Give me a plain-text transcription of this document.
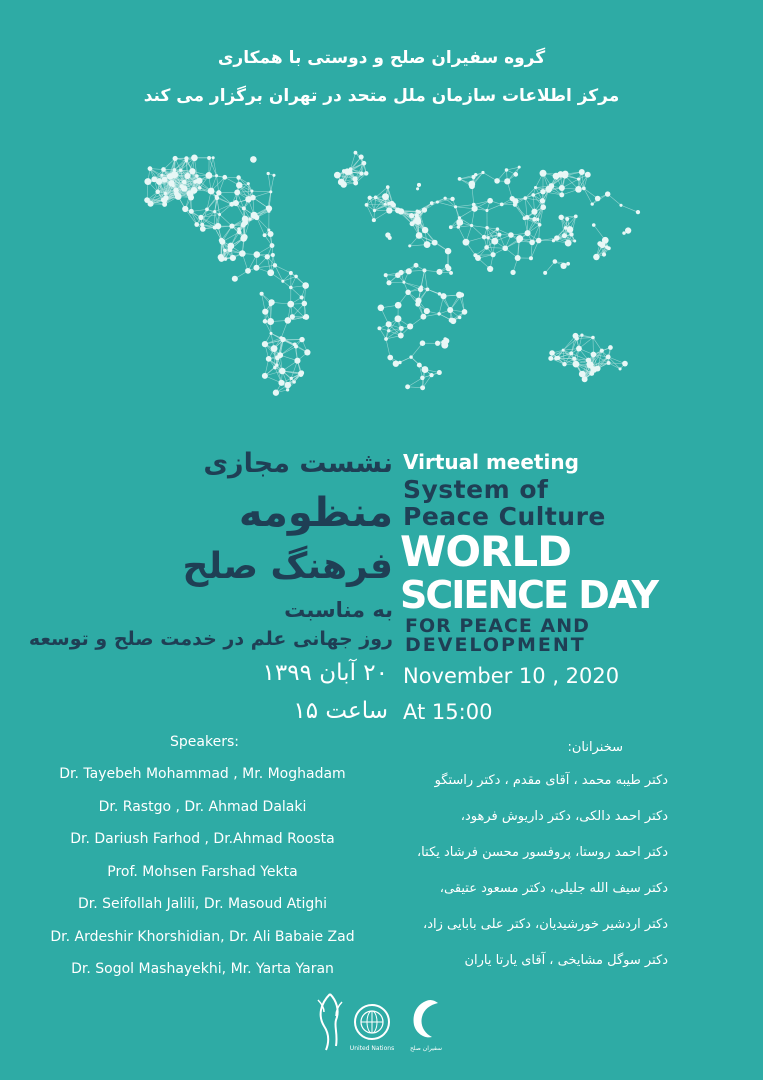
گروه سفیران صلح و دوستی با همکاری
مرکز اطلاعات سازمان ملل متحد در تهران برگزار می کند
نشست مجازی
منظومه
فرهنگ صلح
به مناسبت
روز جهانی علم در خدمت صلح و توسعه
۲۰ آبان ۱۳۹۹
ساعت ۱۵
Virtual meeting
System of
Peace Culture
WORLD
SCIENCE DAY
FOR PEACE AND
DEVELOPMENT
November 10 , 2020
At 15:00
Speakers:
Dr. Tayebeh Mohammad , Mr. Moghadam
Dr. Rastgo , Dr. Ahmad Dalaki
Dr. Dariush Farhod , Dr.Ahmad Roosta
Prof. Mohsen Farshad Yekta
Dr. Seifollah Jalili, Dr. Masoud Atighi
Dr. Ardeshir Khorshidian, Dr. Ali Babaie Zad
Dr. Sogol Mashayekhi, Mr. Yarta Yaran
سخنرانان:
دکتر طیبه محمد ، آقای مقدم ، دکتر راستگو
دکتر احمد دالکی، دکتر داریوش فرهود،
دکتر احمد روستا، پروفسور محسن فرشاد یکتا،
دکتر سیف الله جلیلی، دکتر مسعود عتیقی،
دکتر اردشیر خورشیدیان، دکتر علی بابایی زاد،
دکتر سوگل مشایخی ، آقای یارتا یاران
United Nations	سفیران صلح
